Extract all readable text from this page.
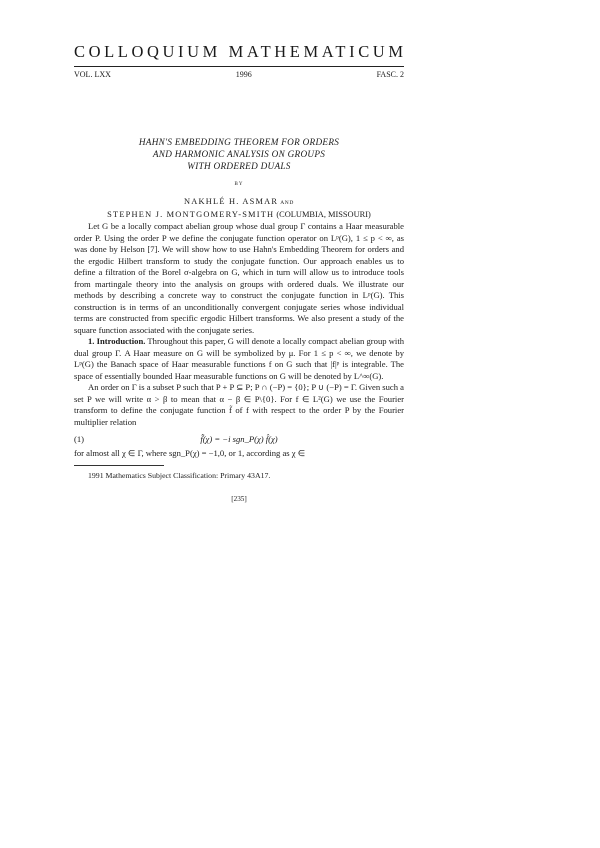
COLLOQUIUM MATHEMATICUM
VOL. LXX	1996	FASC. 2
HAHN'S EMBEDDING THEOREM FOR ORDERS
AND HARMONIC ANALYSIS ON GROUPS
WITH ORDERED DUALS
BY
NAKHLÉ H. ASMAR AND
STEPHEN J. MONTGOMERY-SMITH (COLUMBIA, MISSOURI)

Let G be a locally compact abelian group whose dual group Γ contains a Haar measurable order P. Using the order P we define the conjugate function operator on Lᵖ(G), 1 ≤ p < ∞, as was done by Helson [7]. We will show how to use Hahn's Embedding Theorem for orders and the ergodic Hilbert transform to study the conjugate function. Our approach enables us to define a filtration of the Borel σ-algebra on G, which in turn will allow us to introduce tools from martingale theory into the analysis on groups with ordered duals. We illustrate our methods by describing a concrete way to construct the conjugate function in Lᵖ(G). This construction is in terms of an unconditionally convergent conjugate series whose individual terms are constructed from specific ergodic Hilbert transforms. We also present a study of the square function associated with the conjugate series.

1. Introduction. Throughout this paper, G will denote a locally compact abelian group with dual group Γ. A Haar measure on G will be symbolized by μ. For 1 ≤ p < ∞, we denote by Lᵖ(G) the Banach space of Haar measurable functions f on G such that |f|ᵖ is integrable. The space of essentially bounded Haar measurable functions on G will be denoted by L^∞(G).

An order on Γ is a subset P such that P + P ⊆ P; P ∩ (−P) = {0}; P ∪ (−P) = Γ. Given such a set P we will write α > β to mean that α − β ∈ P\{0}. For f ∈ L²(G) we use the Fourier transform to define the conjugate function f̃ of f with respect to the order P by the Fourier multiplier relation

(1)	f̂̃(χ) = −i sgn_P(χ) f̂(χ)

for almost all χ ∈ Γ, where sgn_P(χ) = −1,0, or 1, according as χ ∈

1991 Mathematics Subject Classification: Primary 43A17.
[235]
